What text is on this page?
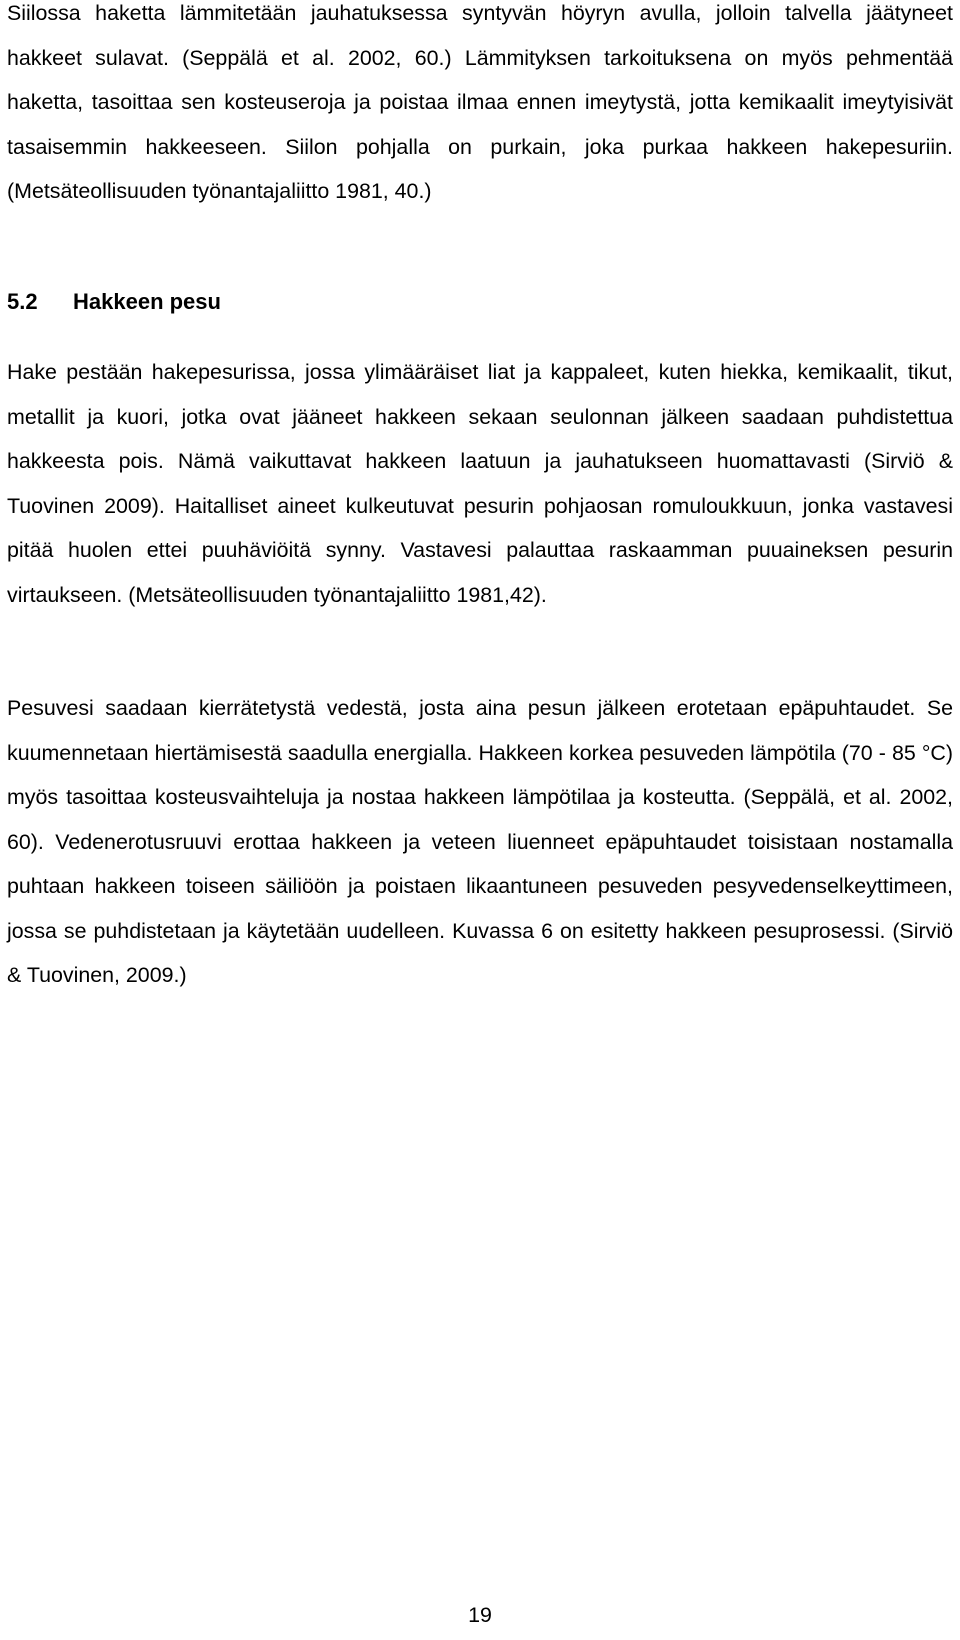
Siilossa haketta lämmitetään jauhatuksessa syntyvän höyryn avulla, jolloin talvella jäätyneet hakkeet sulavat. (Seppälä et al. 2002, 60.) Lämmityksen tarkoituksena on myös pehmentää haketta, tasoittaa sen kosteuseroja ja poistaa ilmaa ennen imeytystä, jotta kemikaalit imeytyisivät tasaisemmin hakkeeseen. Siilon pohjalla on purkain, joka purkaa hakkeen hakepesuriin. (Metsäteollisuuden työnantajaliitto 1981, 40.)

5.2 Hakkeen pesu

Hake pestään hakepesurissa, jossa ylimääräiset liat ja kappaleet, kuten hiekka, kemikaalit, tikut, metallit ja kuori, jotka ovat jääneet hakkeen sekaan seulonnan jälkeen saadaan puhdistettua hakkeesta pois. Nämä vaikuttavat hakkeen laatuun ja jauhatukseen huomattavasti (Sirviö & Tuovinen 2009). Haitalliset aineet kulkeutuvat pesurin pohjaosan romuloukkuun, jonka vastavesi pitää huolen ettei puuhäviöitä synny. Vastavesi palauttaa raskaamman puuaineksen pesurin virtaukseen. (Metsäteollisuuden työnantajaliitto 1981,42).

Pesuvesi saadaan kierrätetystä vedestä, josta aina pesun jälkeen erotetaan epäpuhtaudet. Se kuumennetaan hiertämisestä saadulla energialla. Hakkeen korkea pesuveden lämpötila (70 - 85 °C) myös tasoittaa kosteusvaihteluja ja nostaa hakkeen lämpötilaa ja kosteutta. (Seppälä, et al. 2002, 60). Vedenerotusruuvi erottaa hakkeen ja veteen liuenneet epäpuhtaudet toisistaan nostamalla puhtaan hakkeen toiseen säiliöön ja poistaen likaantuneen pesuveden pesyvedenselkeyttimeen, jossa se puhdistetaan ja käytetään uudelleen. Kuvassa 6 on esitetty hakkeen pesuprosessi. (Sirviö & Tuovinen, 2009.)

19
